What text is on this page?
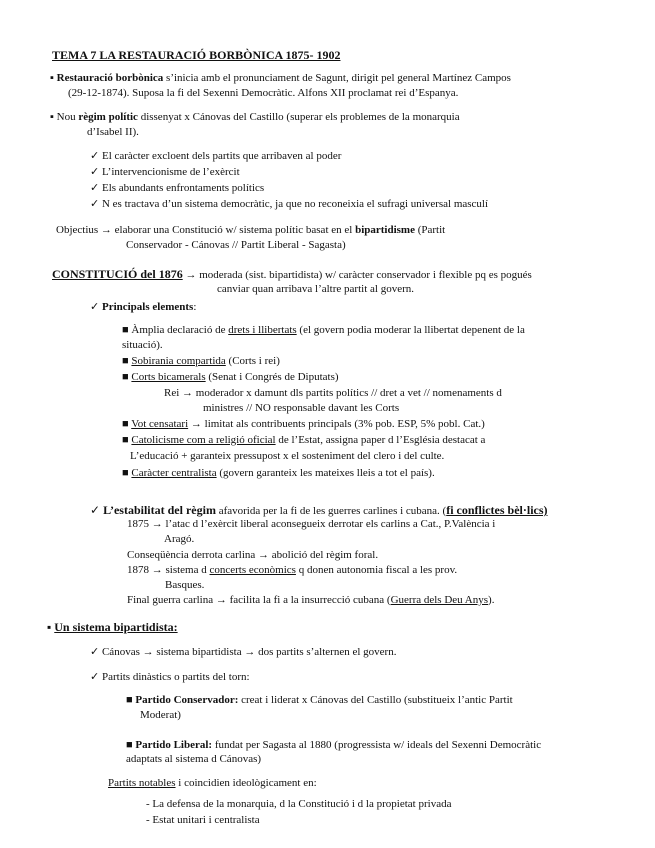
TEMA 7 LA RESTAURACIÓ BORBÒNICA 1875- 1902
▪ Restauració borbònica s’inicia amb el pronunciament de Sagunt, dirigit pel general Martínez Campos
(29-12-1874). Suposa la fi del Sexenni Democràtic. Alfons XII proclamat rei d’Espanya.
▪ Nou règim polític dissenyat x Cánovas del Castillo (superar els problemes de la monarquia
d’Isabel II).
✓ El caràcter excloent dels partits que arribaven al poder
✓ L’intervencionisme de l’exèrcit
✓ Els abundants enfrontaments polítics
✓ N es tractava d’un sistema democràtic, ja que no reconeixia el sufragi universal masculí
Objectius → elaborar una Constitució w/ sistema polític basat en el bipartidisme (Partit
Conservador - Cánovas // Partit Liberal - Sagasta)
CONSTITUCIÓ del 1876 → moderada (sist. bipartidista) w/ caràcter conservador i flexible pq es pogués
canviar quan arribava l’altre partit al govern.
✓ Principals elements:
■ Àmplia declaració de drets i llibertats (el govern podia moderar la llibertat depenent de la
situació).
■ Sobirania compartida (Corts i rei)
■ Corts bicamerals (Senat i Congrés de Diputats)
Rei → moderador x damunt dls partits polítics // dret a vet // nomenaments d
ministres // NO responsable davant les Corts
■ Vot censatari → limitat als contribuents principals (3% pob. ESP, 5% pobl. Cat.)
■ Catolicisme com a religió oficial de l’Estat, assigna paper d l’Església destacat a
L’educació + garanteix pressupost x el sosteniment del clero i del culte.
■ Caràcter centralista (govern garanteix les mateixes lleis a tot el país).
✓ L’estabilitat del règim afavorida per la fi de les guerres carlines i cubana. (fi conflictes bèl·lics)
1875 → l’atac d l’exèrcit liberal aconsegueix derrotar els carlins a Cat., P.València i
Aragó.
Conseqüència derrota carlina → abolició del règim foral.
1878 → sistema d concerts econòmics q donen autonomia fiscal a les prov.
Basques.
Final guerra carlina → facilita la fi a la insurrecció cubana (Guerra dels Deu Anys).
▪ Un sistema bipartidista:
✓ Cánovas → sistema bipartidista → dos partits s’alternen el govern.
✓ Partits dinàstics o partits del torn:
■ Partido Conservador: creat i liderat x Cánovas del Castillo (substitueix l’antic Partit
Moderat)
■ Partido Liberal: fundat per Sagasta al 1880 (progressista w/ ideals del Sexenni Democràtic
adaptats al sistema d Cánovas)
Partits notables i coincidien ideològicament en:
- La defensa de la monarquia, d la Constitució i d la propietat privada
- Estat unitari i centralista
